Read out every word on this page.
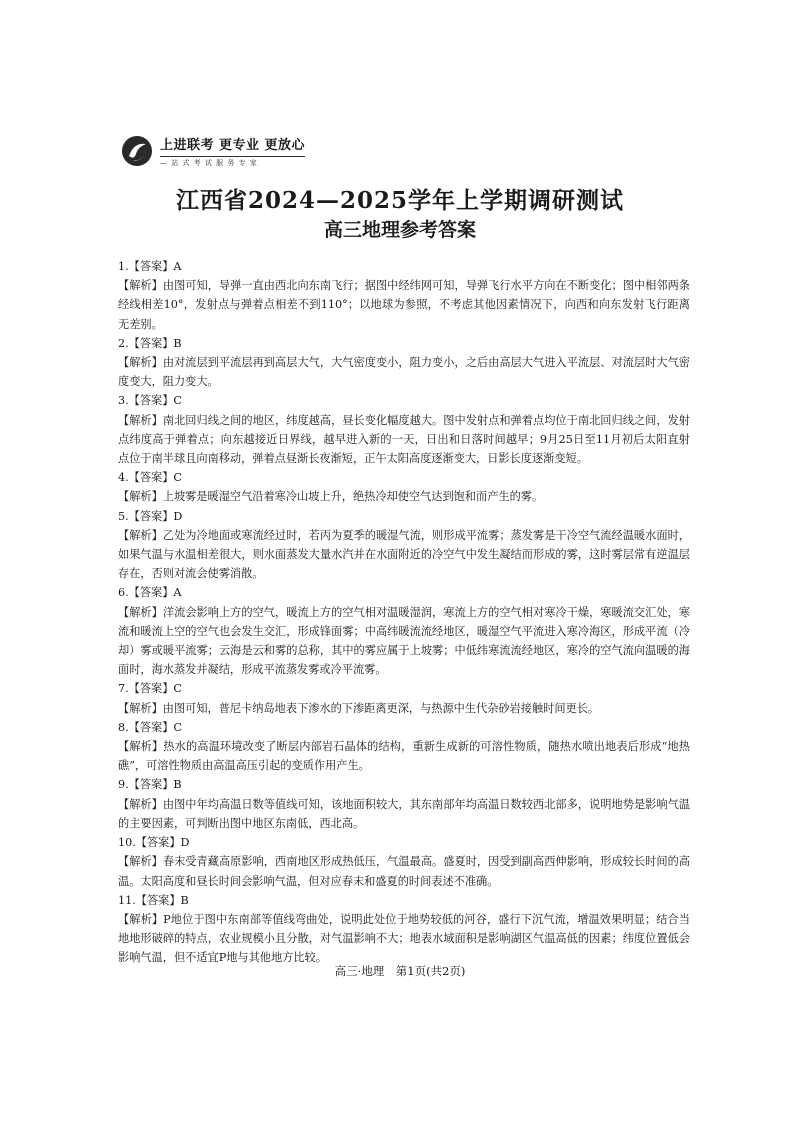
上进联考 更专业 更放心
— 站 式 考 试 服 务 专 家
江西省2024—2025学年上学期调研测试
高三地理参考答案

1.【答案】A

【解析】由图可知，导弹一直由西北向东南飞行；据图中经纬网可知，导弹飞行水平方向在不断变化；图中相邻两条经线相差10°，发射点与弹着点相差不到110°；以地球为参照，不考虑其他因素情况下，向西和向东发射飞行距离无差别。

2.【答案】B

【解析】由对流层到平流层再到高层大气，大气密度变小，阻力变小，之后由高层大气进入平流层、对流层时大气密度变大，阻力变大。

3.【答案】C

【解析】南北回归线之间的地区，纬度越高，昼长变化幅度越大。图中发射点和弹着点均位于南北回归线之间，发射点纬度高于弹着点；向东越接近日界线，越早进入新的一天，日出和日落时间越早；9月25日至11月初后太阳直射点位于南半球且向南移动，弹着点昼渐长夜渐短，正午太阳高度逐渐变大，日影长度逐渐变短。

4.【答案】C

【解析】上坡雾是暖湿空气沿着寒冷山坡上升，绝热冷却使空气达到饱和而产生的雾。

5.【答案】D

【解析】乙处为冷地面或寒流经过时，若丙为夏季的暖湿气流，则形成平流雾；蒸发雾是干冷空气流经温暖水面时，如果气温与水温相差很大，则水面蒸发大量水汽并在水面附近的冷空气中发生凝结而形成的雾，这时雾层常有逆温层存在，否则对流会使雾消散。

6.【答案】A

【解析】洋流会影响上方的空气，暖流上方的空气相对温暖湿润，寒流上方的空气相对寒冷干燥，寒暖流交汇处，寒流和暖流上空的空气也会发生交汇，形成锋面雾；中高纬暖流流经地区，暖湿空气平流进入寒冷海区，形成平流（冷却）雾或暖平流雾；云海是云和雾的总称，其中的雾应属于上坡雾；中低纬寒流流经地区，寒冷的空气流向温暖的海面时，海水蒸发并凝结，形成平流蒸发雾或冷平流雾。

7.【答案】C

【解析】由图可知，普尼卡纳岛地表下渗水的下渗距离更深，与热源中生代杂砂岩接触时间更长。

8.【答案】C

【解析】热水的高温环境改变了断层内部岩石晶体的结构，重新生成新的可溶性物质，随热水喷出地表后形成“地热礁”，可溶性物质由高温高压引起的变质作用产生。

9.【答案】B

【解析】由图中年均高温日数等值线可知，该地面积较大，其东南部年均高温日数较西北部多，说明地势是影响气温的主要因素，可判断出图中地区东南低，西北高。

10.【答案】D

【解析】春末受青藏高原影响，西南地区形成热低压，气温最高。盛夏时，因受到副高西伸影响，形成较长时间的高温。太阳高度和昼长时间会影响气温，但对应春末和盛夏的时间表述不准确。

11.【答案】B

【解析】P地位于图中东南部等值线弯曲处，说明此处位于地势较低的河谷，盛行下沉气流，增温效果明显；结合当地地形破碎的特点，农业规模小且分散，对气温影响不大；地表水域面积是影响湖区气温高低的因素；纬度位置低会影响气温，但不适宜P地与其他地方比较。

高三·地理　第1页(共2页)
